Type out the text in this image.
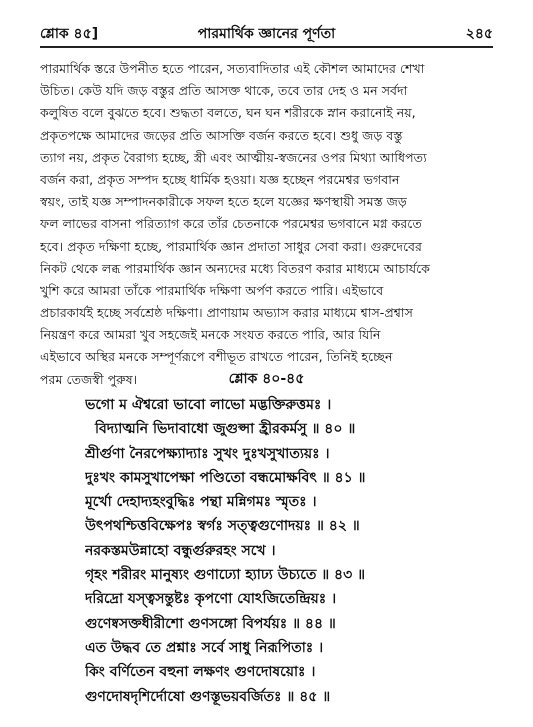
শ্লোক ৪৫]	পারমার্থিক জ্ঞানের পূর্ণতা	২৪৫
পারমার্থিক স্তরে উপনীত হতে পারেন, সত্যবাদিতার এই কৌশল আমাদের শেখা
উচিত। কেউ যদি জড় বস্তুর প্রতি আসক্ত থাকে, তবে তার দেহ ও মন সর্বদা
কলুষিত বলে বুঝতে হবে। শুদ্ধতা বলতে, ঘন ঘন শরীরকে স্নান করানোই নয়,
প্রকৃতপক্ষে আমাদের জড়ের প্রতি আসক্তি বর্জন করতে হবে। শুধু জড় বস্তু
ত্যাগ নয়, প্রকৃত বৈরাগ্য হচ্ছে, স্ত্রী এবং আত্মীয়-স্বজনের ওপর মিথ্যা আধিপত্য
বর্জন করা, প্রকৃত সম্পদ হচ্ছে ধার্মিক হওয়া। যজ্ঞ হচ্ছেন পরমেশ্বর ভগবান
স্বয়ং, তাই যজ্ঞ সম্পাদনকারীকে সফল হতে হলে যজ্ঞের ক্ষণস্থায়ী সমস্ত জড়
ফল লাভের বাসনা পরিত্যাগ করে তাঁর চেতনাকে পরমেশ্বর ভগবানে মগ্ন করতে
হবে। প্রকৃত দক্ষিণা হচ্ছে, পারমার্থিক জ্ঞান প্রদাতা সাধুর সেবা করা। গুরুদেবের
নিকট থেকে লব্ধ পারমার্থিক জ্ঞান অন্যদের মধ্যে বিতরণ করার মাধ্যমে আচার্যকে
খুশি করে আমরা তাঁকে পারমার্থিক দক্ষিণা অর্পণ করতে পারি। এইভাবে
প্রচারকার্যই হচ্ছে সর্বশ্রেষ্ঠ দক্ষিণা। প্রাণায়াম অভ্যাস করার মাধ্যমে শ্বাস-প্রশ্বাস
নিয়ন্ত্রণ করে আমরা খুব সহজেই মনকে সংযত করতে পারি, আর যিনি
এইভাবে অস্থির মনকে সম্পূর্ণরূপে বশীভূত রাখতে পারেন, তিনিই হচ্ছেন
পরম তেজস্বী পুরুষ।	শ্লোক ৪০-৪৫
ভগো ম ঐশ্বরো ভাবো লাভো মদ্ভক্তিরুত্তমঃ ।
বিদ্যাত্মনি ভিদাবাধো জুগুপ্সা হ্রীরকর্মসু ॥ ৪০ ॥
শ্রীর্গুণা নৈরপেক্ষ্যাদ্যাঃ সুখং দুঃখসুখাত্যয়ঃ ।
দুঃখং কামসুখাপেক্ষা পণ্ডিতো বন্ধমোক্ষবিৎ ॥ ৪১ ॥
মূর্খো দেহাদ্যহংবুদ্ধিঃ পন্থা মন্নিগমঃ স্মৃতঃ ।
উৎপথশ্চিত্তবিক্ষেপঃ স্বর্গঃ সত্ত্বগুণোদয়ঃ ॥ ৪২ ॥
নরকস্তমউন্নাহো বন্ধুর্গুরুরহং সখে ।
গৃহং শরীরং মানুষ্যং গুণাঢ্যো হ্যাঢ্য উচ্যতে ॥ ৪৩ ॥
দরিদ্রো যস্ত্বসন্তুষ্টঃ কৃপণো যোঽজিতেন্দ্রিয়ঃ ।
গুণেষ্বসক্তধীরীশো গুণসঙ্গো বিপর্যয়ঃ ॥ ৪৪ ॥
এত উদ্ধব তে প্রশ্নাঃ সর্বে সাধু নিরূপিতাঃ ।
কিং বর্ণিতেন বহুনা লক্ষণং গুণদোষয়োঃ ।
গুণদোষদৃশির্দোষো গুণস্তূভয়বর্জিতঃ ॥ ৪৫ ॥
